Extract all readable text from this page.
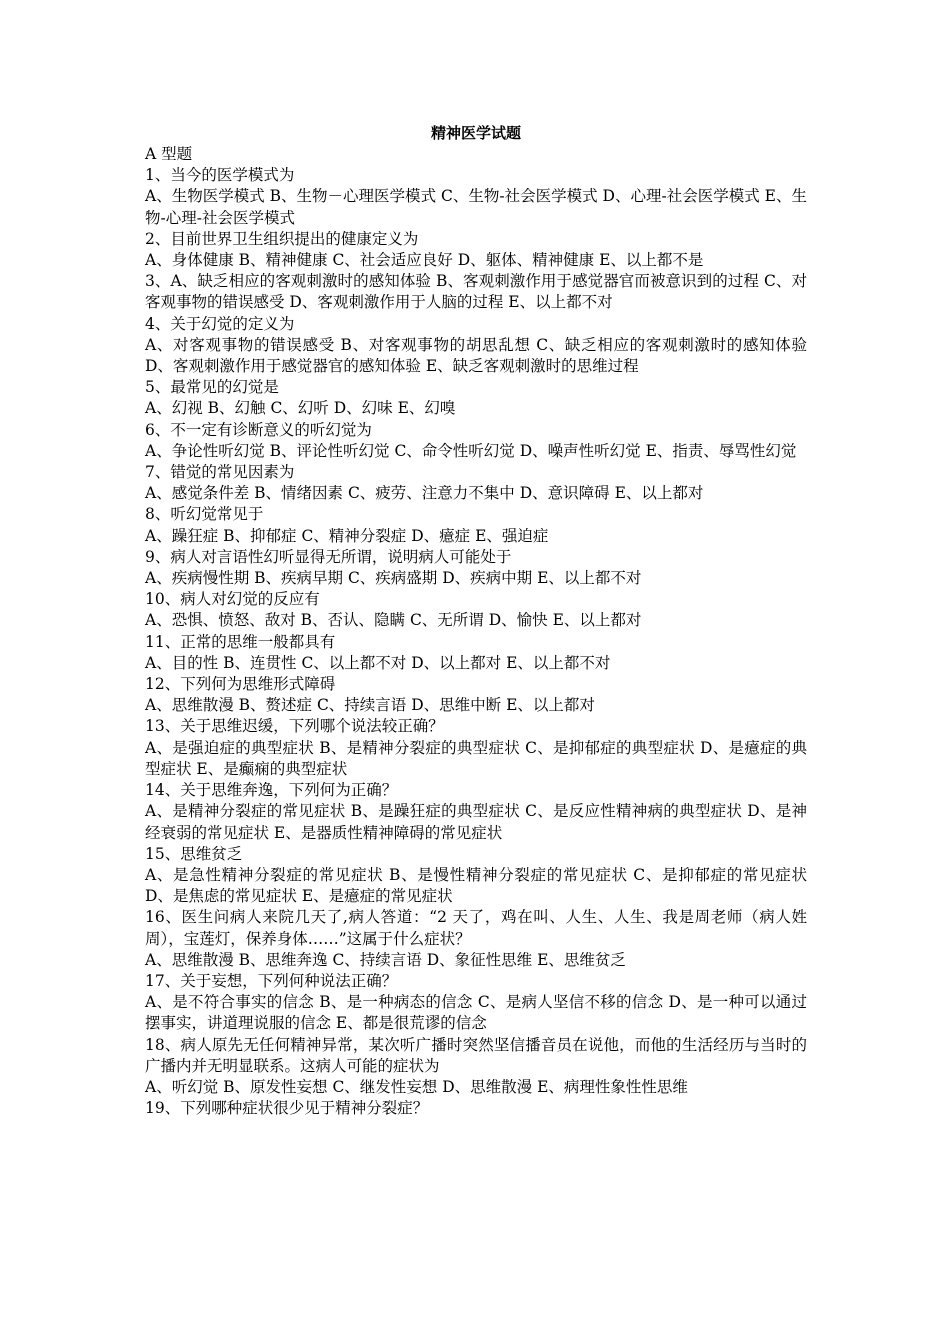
精神医学试题

A 型题

1、当今的医学模式为

A、生物医学模式 B、生物－心理医学模式 C、生物-社会医学模式 D、心理-社会医学模式 E、生物-心理-社会医学模式

2、目前世界卫生组织提出的健康定义为

A、身体健康 B、精神健康 C、社会适应良好 D、躯体、精神健康 E、以上都不是

3、A、缺乏相应的客观刺激时的感知体验 B、客观刺激作用于感觉器官而被意识到的过程 C、对客观事物的错误感受 D、客观刺激作用于人脑的过程 E、以上都不对

4、关于幻觉的定义为

A、对客观事物的错误感受 B、对客观事物的胡思乱想 C、缺乏相应的客观刺激时的感知体验 D、客观刺激作用于感觉器官的感知体验 E、缺乏客观刺激时的思维过程

5、最常见的幻觉是

A、幻视 B、幻触 C、幻听 D、幻味 E、幻嗅

6、不一定有诊断意义的听幻觉为

A、争论性听幻觉 B、评论性听幻觉 C、命令性听幻觉 D、噪声性听幻觉 E、指责、辱骂性幻觉

7、错觉的常见因素为

A、感觉条件差 B、情绪因素 C、疲劳、注意力不集中 D、意识障碍 E、以上都对

8、听幻觉常见于

A、躁狂症 B、抑郁症 C、精神分裂症 D、癔症 E、强迫症

9、病人对言语性幻听显得无所谓，说明病人可能处于

A、疾病慢性期 B、疾病早期 C、疾病盛期 D、疾病中期 E、以上都不对

10、病人对幻觉的反应有

A、恐惧、愤怒、敌对 B、否认、隐瞒 C、无所谓 D、愉快 E、以上都对

11、正常的思维一般都具有

A、目的性 B、连贯性 C、以上都不对 D、以上都对 E、以上都不对

12、下列何为思维形式障碍

A、思维散漫 B、赘述症 C、持续言语 D、思维中断 E、以上都对

13、关于思维迟缓，下列哪个说法较正确？

A、是强迫症的典型症状 B、是精神分裂症的典型症状 C、是抑郁症的典型症状 D、是癔症的典型症状 E、是癫痫的典型症状

14、关于思维奔逸，下列何为正确？

A、是精神分裂症的常见症状 B、是躁狂症的典型症状 C、是反应性精神病的典型症状 D、是神经衰弱的常见症状 E、是器质性精神障碍的常见症状

15、思维贫乏

A、是急性精神分裂症的常见症状 B、是慢性精神分裂症的常见症状 C、是抑郁症的常见症状 D、是焦虑的常见症状 E、是癔症的常见症状

16、医生问病人来院几天了,病人答道：“2 天了，鸡在叫、人生、人生、我是周老师（病人姓周），宝莲灯，保养身体……”这属于什么症状？

A、思维散漫 B、思维奔逸 C、持续言语 D、象征性思维 E、思维贫乏

17、关于妄想，下列何种说法正确？

A、是不符合事实的信念 B、是一种病态的信念 C、是病人坚信不移的信念 D、是一种可以通过摆事实，讲道理说服的信念 E、都是很荒谬的信念

18、病人原先无任何精神异常，某次听广播时突然坚信播音员在说他，而他的生活经历与当时的广播内并无明显联系。这病人可能的症状为

A、听幻觉 B、原发性妄想 C、继发性妄想 D、思维散漫 E、病理性象性性思维

19、下列哪种症状很少见于精神分裂症？
